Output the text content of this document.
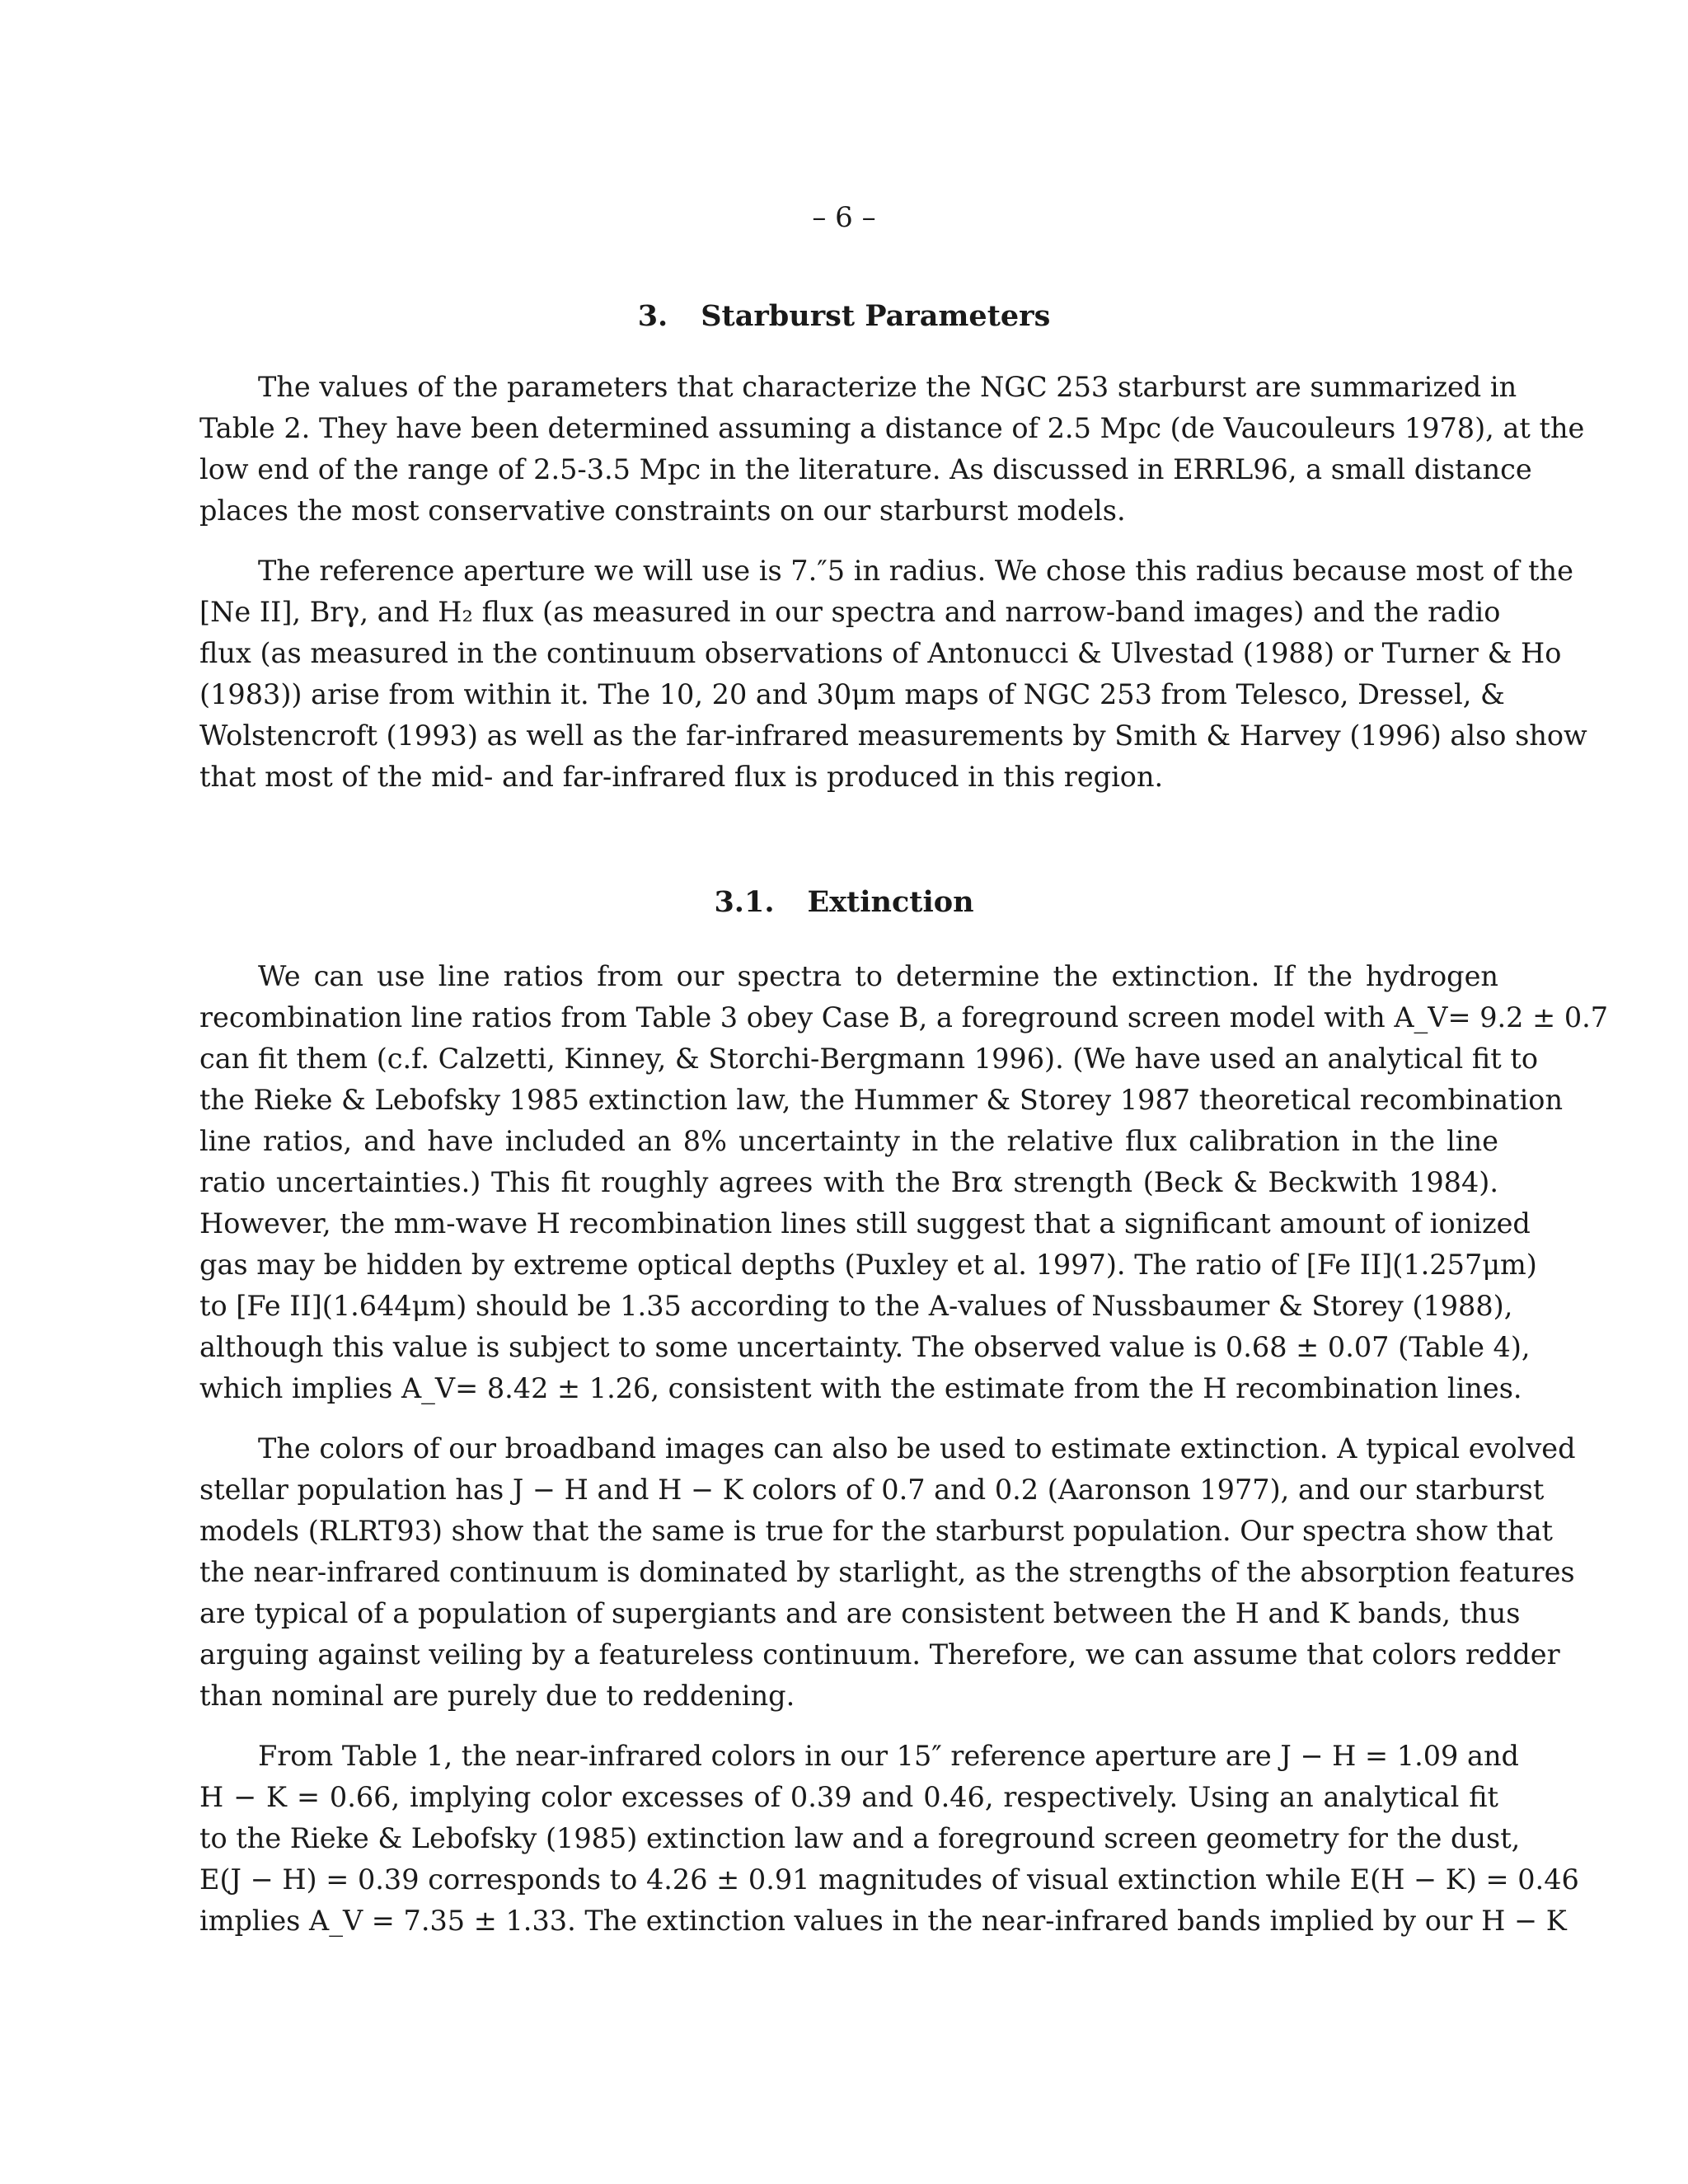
– 6 –
3. Starburst Parameters
The values of the parameters that characterize the NGC 253 starburst are summarized in
Table 2. They have been determined assuming a distance of 2.5 Mpc (de Vaucouleurs 1978), at the
low end of the range of 2.5-3.5 Mpc in the literature. As discussed in ERRL96, a small distance
places the most conservative constraints on our starburst models.
The reference aperture we will use is 7.″5 in radius. We chose this radius because most of the
[Ne II], Brγ, and H₂ flux (as measured in our spectra and narrow-band images) and the radio
flux (as measured in the continuum observations of Antonucci & Ulvestad (1988) or Turner & Ho
(1983)) arise from within it. The 10, 20 and 30μm maps of NGC 253 from Telesco, Dressel, &
Wolstencroft (1993) as well as the far-infrared measurements by Smith & Harvey (1996) also show
that most of the mid- and far-infrared flux is produced in this region.
3.1. Extinction
We can use line ratios from our spectra to determine the extinction. If the hydrogen
recombination line ratios from Table 3 obey Case B, a foreground screen model with A_V= 9.2 ± 0.7
can fit them (c.f. Calzetti, Kinney, & Storchi-Bergmann 1996). (We have used an analytical fit to
the Rieke & Lebofsky 1985 extinction law, the Hummer & Storey 1987 theoretical recombination
line ratios, and have included an 8% uncertainty in the relative flux calibration in the line
ratio uncertainties.) This fit roughly agrees with the Brα strength (Beck & Beckwith 1984).
However, the mm-wave H recombination lines still suggest that a significant amount of ionized
gas may be hidden by extreme optical depths (Puxley et al. 1997). The ratio of [Fe II](1.257μm)
to [Fe II](1.644μm) should be 1.35 according to the A-values of Nussbaumer & Storey (1988),
although this value is subject to some uncertainty. The observed value is 0.68 ± 0.07 (Table 4),
which implies A_V= 8.42 ± 1.26, consistent with the estimate from the H recombination lines.
The colors of our broadband images can also be used to estimate extinction. A typical evolved
stellar population has J − H and H − K colors of 0.7 and 0.2 (Aaronson 1977), and our starburst
models (RLRT93) show that the same is true for the starburst population. Our spectra show that
the near-infrared continuum is dominated by starlight, as the strengths of the absorption features
are typical of a population of supergiants and are consistent between the H and K bands, thus
arguing against veiling by a featureless continuum. Therefore, we can assume that colors redder
than nominal are purely due to reddening.
From Table 1, the near-infrared colors in our 15″ reference aperture are J − H = 1.09 and
H − K = 0.66, implying color excesses of 0.39 and 0.46, respectively. Using an analytical fit
to the Rieke & Lebofsky (1985) extinction law and a foreground screen geometry for the dust,
E(J − H) = 0.39 corresponds to 4.26 ± 0.91 magnitudes of visual extinction while E(H − K) = 0.46
implies A_V = 7.35 ± 1.33. The extinction values in the near-infrared bands implied by our H − K
